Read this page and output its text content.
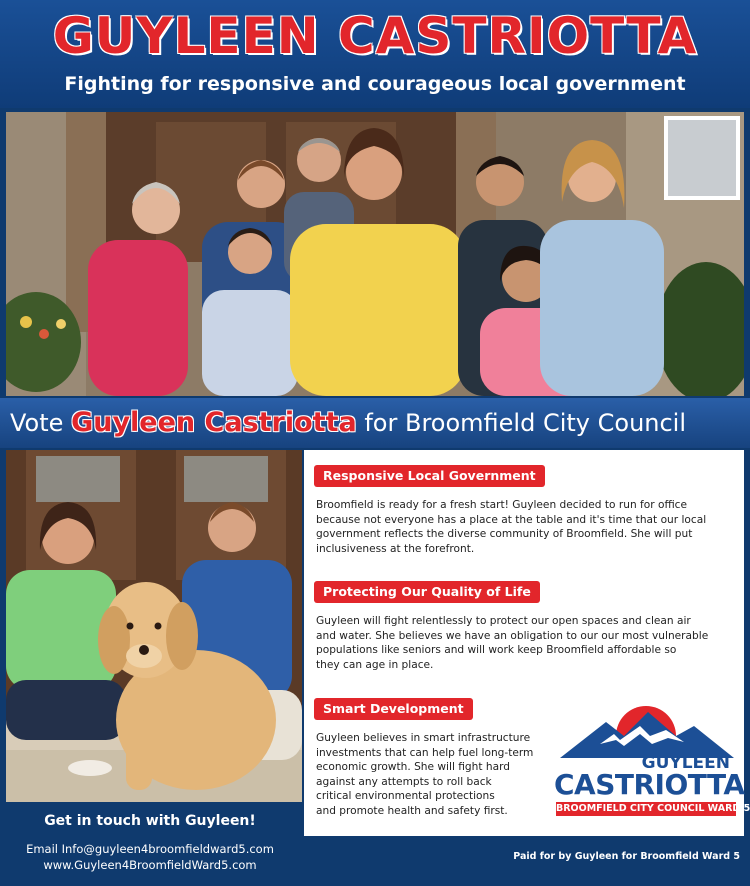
GUYLEEN CASTRIOTTA
Fighting for responsive and courageous local government
Vote Guyleen Castriotta for Broomfield City Council
Responsive Local Government
Broomfield is ready for a fresh start! Guyleen decided to run for office
because not everyone has a place at the table and it's time that our local
government reflects the diverse community of Broomfield. She will put
inclusiveness at the forefront.
Protecting Our Quality of Life
Guyleen will fight relentlessly to protect our open spaces and clean air
and water. She believes we have an obligation to our our most vulnerable
populations like seniors and will work keep Broomfield affordable so
they can age in place.
Smart Development
Guyleen believes in smart infrastructure
investments that can help fuel long-term
economic growth. She will fight hard
against any attempts to roll back
critical environmental protections
and promote health and safety first.
GUYLEEN
CASTRIOTTA
BROOMFIELD CITY COUNCIL WARD 5
Get in touch with Guyleen!
Email Info@guyleen4broomfieldward5.com
www.Guyleen4BroomfieldWard5.com
Paid for by Guyleen for Broomfield Ward 5
